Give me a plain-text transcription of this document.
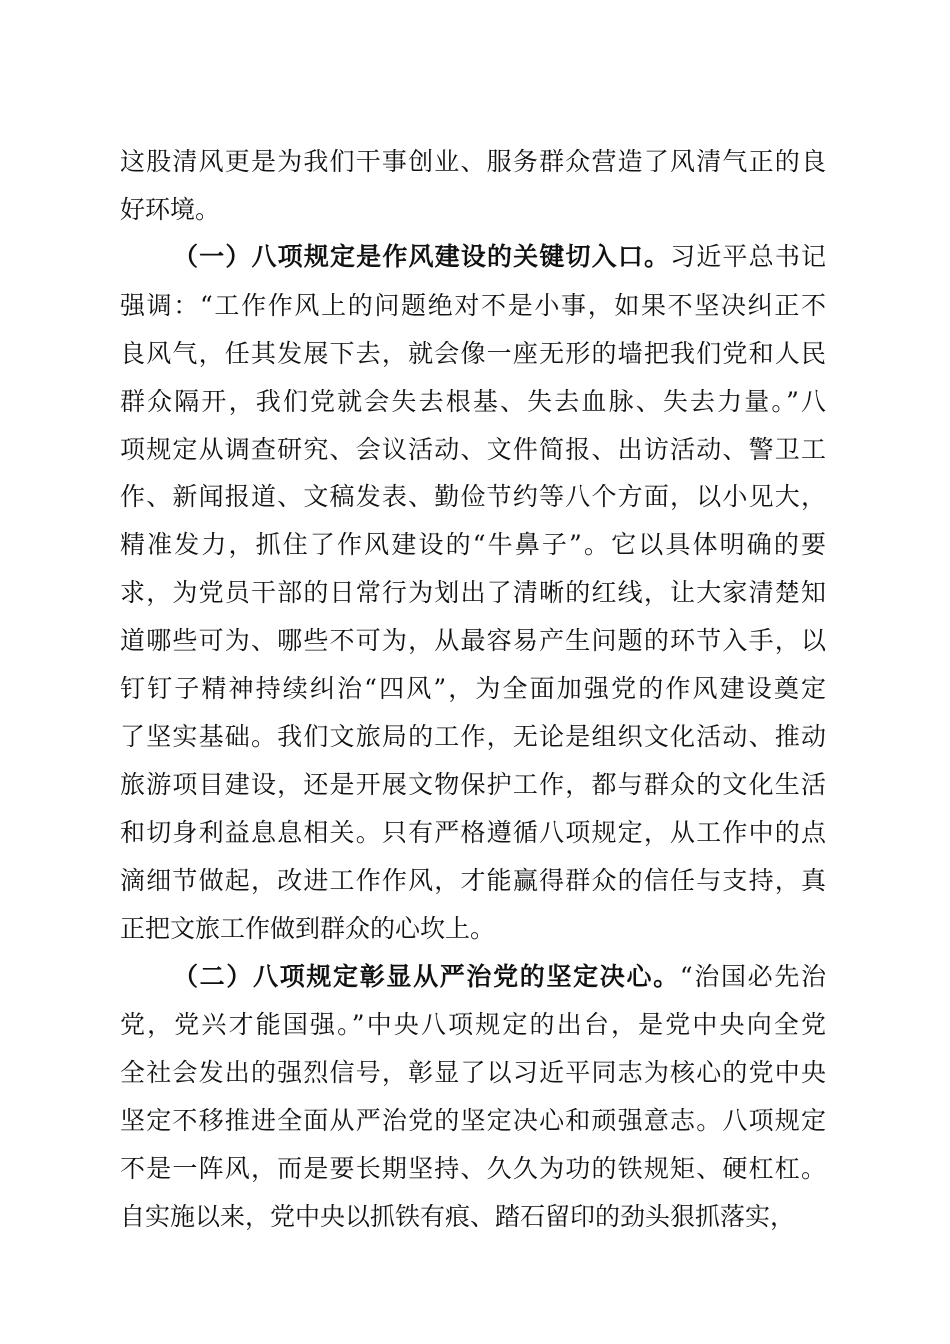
这股清风更是为我们干事创业、服务群众营造了风清气正的良

好环境。

（一）八项规定是作风建设的关键切入口。习近平总书记

强调：“工作作风上的问题绝对不是小事，如果不坚决纠正不

良风气，任其发展下去，就会像一座无形的墙把我们党和人民

群众隔开，我们党就会失去根基、失去血脉、失去力量。”八

项规定从调查研究、会议活动、文件简报、出访活动、警卫工

作、新闻报道、文稿发表、勤俭节约等八个方面，以小见大，

精准发力，抓住了作风建设的“牛鼻子”。它以具体明确的要

求，为党员干部的日常行为划出了清晰的红线，让大家清楚知

道哪些可为、哪些不可为，从最容易产生问题的环节入手，以

钉钉子精神持续纠治“四风”，为全面加强党的作风建设奠定

了坚实基础。我们文旅局的工作，无论是组织文化活动、推动

旅游项目建设，还是开展文物保护工作，都与群众的文化生活

和切身利益息息相关。只有严格遵循八项规定，从工作中的点

滴细节做起，改进工作作风，才能赢得群众的信任与支持，真

正把文旅工作做到群众的心坎上。

（二）八项规定彰显从严治党的坚定决心。“治国必先治

党，党兴才能国强。”中央八项规定的出台，是党中央向全党

全社会发出的强烈信号，彰显了以习近平同志为核心的党中央

坚定不移推进全面从严治党的坚定决心和顽强意志。八项规定

不是一阵风，而是要长期坚持、久久为功的铁规矩、硬杠杠。

自实施以来，党中央以抓铁有痕、踏石留印的劲头狠抓落实，
